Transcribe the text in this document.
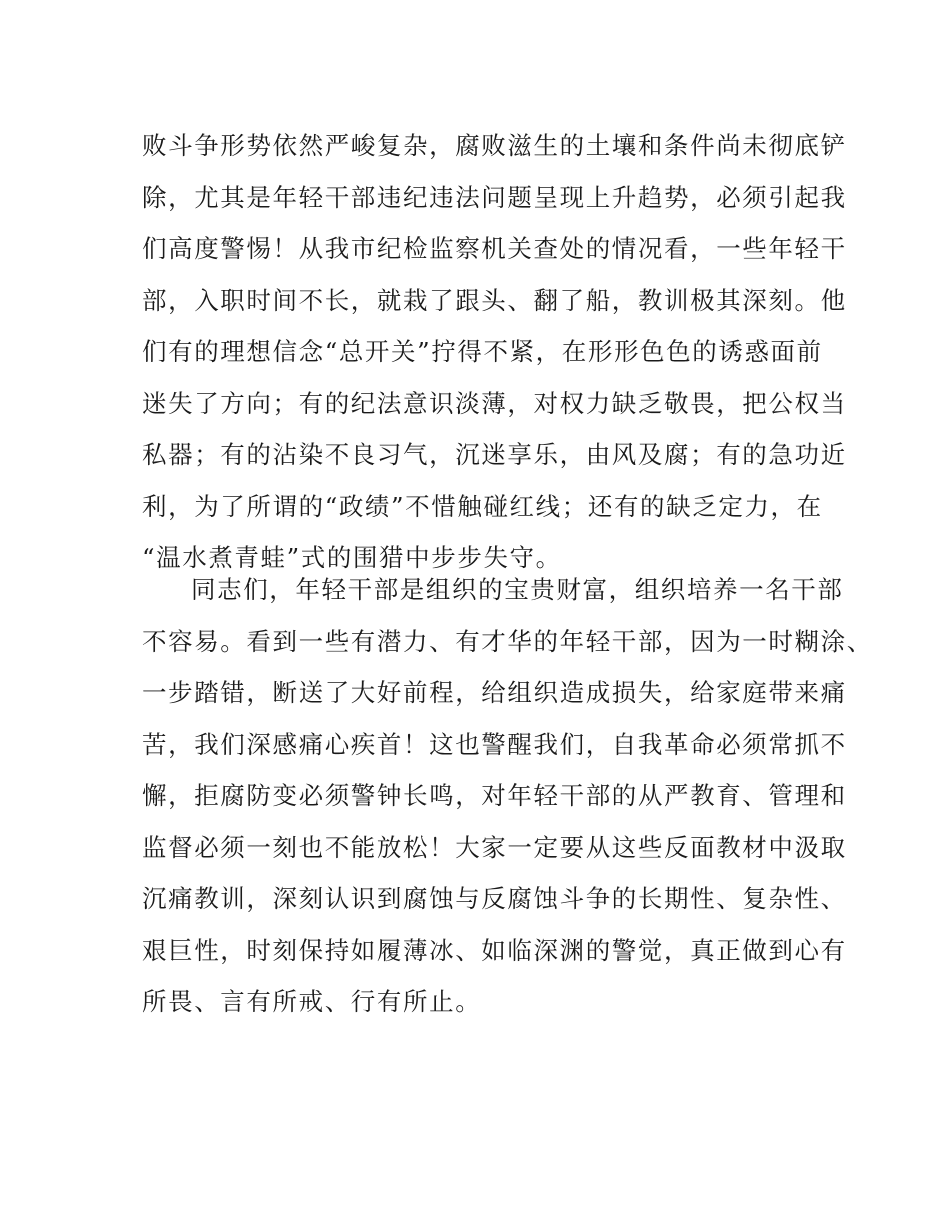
败斗争形势依然严峻复杂，腐败滋生的土壤和条件尚未彻底铲
除，尤其是年轻干部违纪违法问题呈现上升趋势，必须引起我
们高度警惕！从我市纪检监察机关查处的情况看，一些年轻干
部，入职时间不长，就栽了跟头、翻了船，教训极其深刻。他
们有的理想信念“总开关”拧得不紧，在形形色色的诱惑面前
迷失了方向；有的纪法意识淡薄，对权力缺乏敬畏，把公权当
私器；有的沾染不良习气，沉迷享乐，由风及腐；有的急功近
利，为了所谓的“政绩”不惜触碰红线；还有的缺乏定力，在
“温水煮青蛙”式的围猎中步步失守。
同志们，年轻干部是组织的宝贵财富，组织培养一名干部
不容易。看到一些有潜力、有才华的年轻干部，因为一时糊涂、
一步踏错，断送了大好前程，给组织造成损失，给家庭带来痛
苦，我们深感痛心疾首！这也警醒我们，自我革命必须常抓不
懈，拒腐防变必须警钟长鸣，对年轻干部的从严教育、管理和
监督必须一刻也不能放松！大家一定要从这些反面教材中汲取
沉痛教训，深刻认识到腐蚀与反腐蚀斗争的长期性、复杂性、
艰巨性，时刻保持如履薄冰、如临深渊的警觉，真正做到心有
所畏、言有所戒、行有所止。
